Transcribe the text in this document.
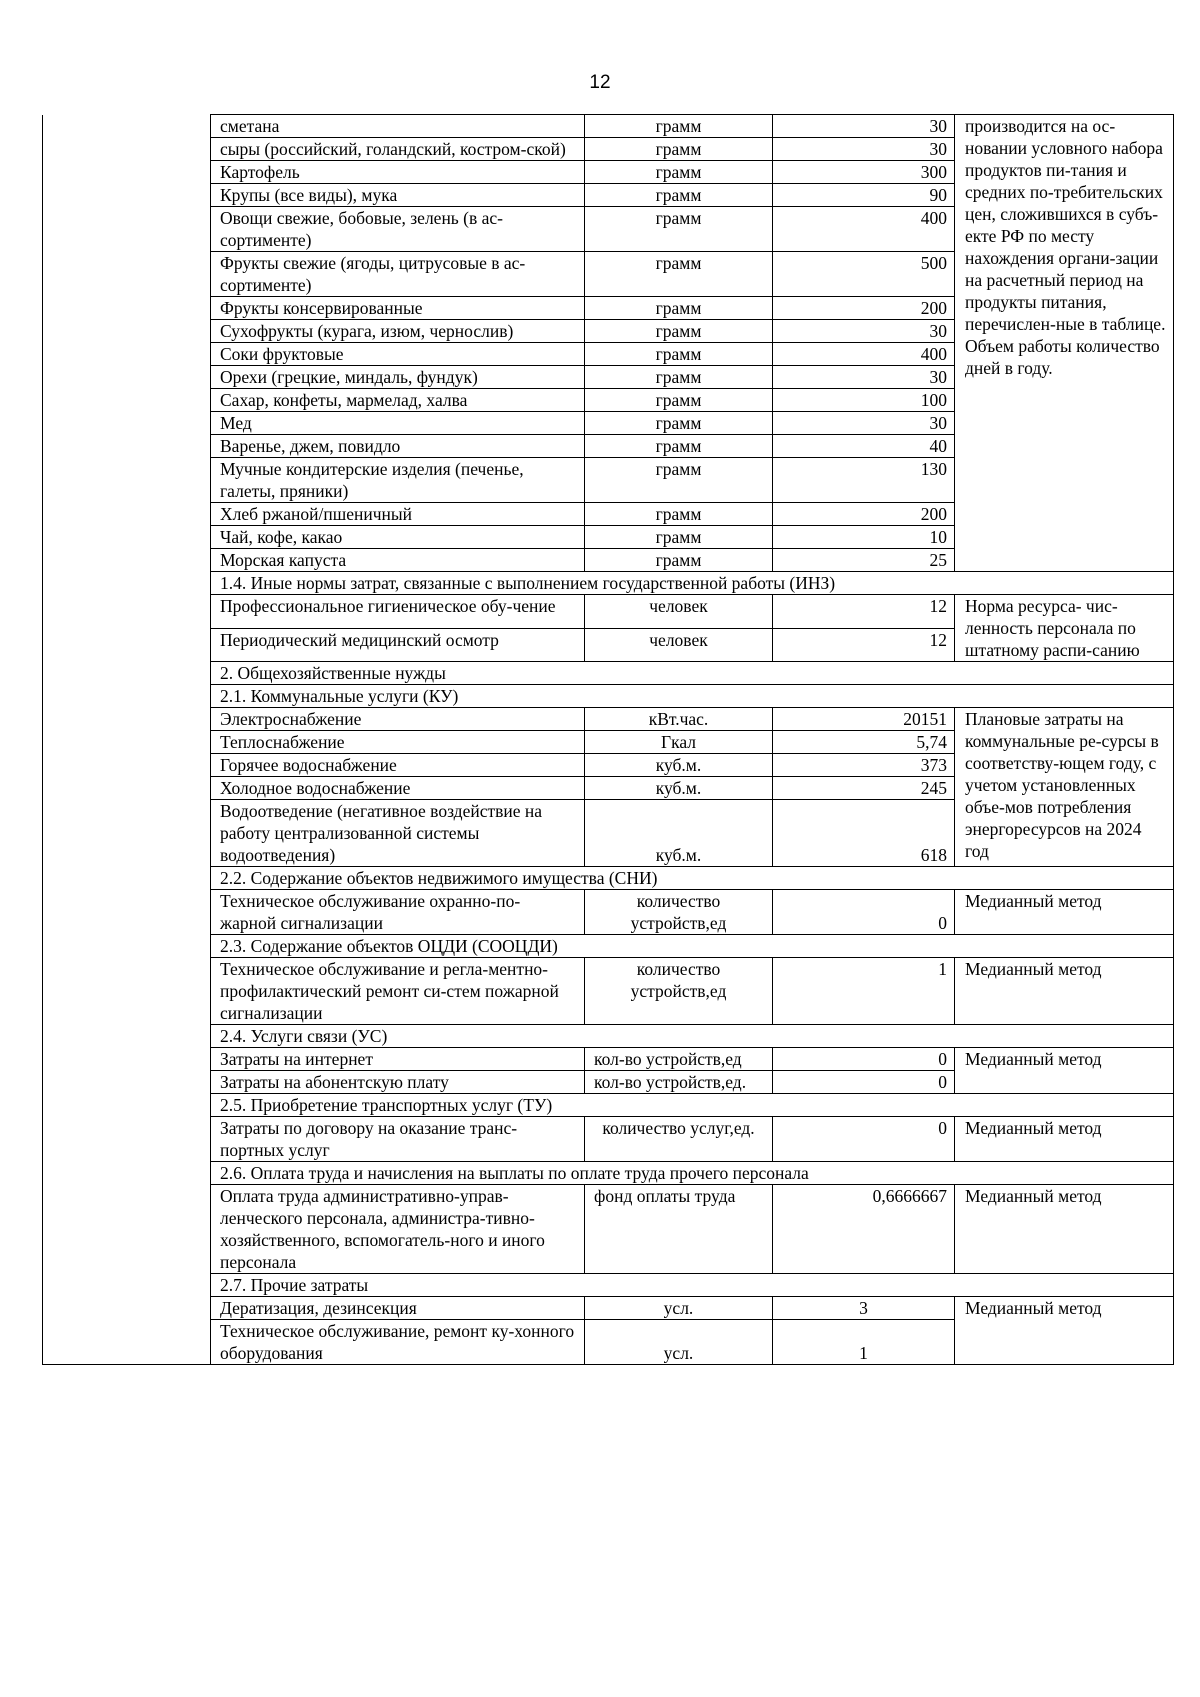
12
	сметана	грамм	30	производится на ос-новании условного набора продуктов пи-тания и средних по-требительских цен, сложившихся в субъ-екте РФ по месту нахождения органи-зации на расчетный период на продукты питания, перечислен-ные в таблице. Объем работы количество дней в году.
	сыры (российский, голандский, костром-ской)	грамм	30	
	Картофель	грамм	300	
	Крупы (все виды), мука	грамм	90	
	Овощи свежие, бобовые, зелень (в ас-сортименте)	грамм	400	
	Фрукты свежие (ягоды, цитрусовые в ас-сортименте)	грамм	500	
	Фрукты консервированные	грамм	200	
	Сухофрукты (курага, изюм, чернослив)	грамм	30	
	Соки фруктовые	грамм	400	
	Орехи (грецкие, миндаль, фундук)	грамм	30	
	Сахар, конфеты, мармелад, халва	грамм	100	
	Мед	грамм	30	
	Варенье, джем, повидло	грамм	40	
	Мучные кондитерские изделия (печенье, галеты, пряники)	грамм	130	
	Хлеб ржаной/пшеничный	грамм	200	
	Чай, кофе, какао	грамм	10	
	Морская капуста	грамм	25	
	1.4. Иные нормы затрат, связанные с выполнением государственной работы (ИНЗ)			
	Профессиональное гигиеническое обу-чение	человек	12	Норма ресурса- чис-ленность персонала по штатному распи-санию
	Периодический медицинский осмотр	человек	12	
	2. Общехозяйственные нужды			
	2.1. Коммунальные услуги (КУ)			
	Электроснабжение	кВт.час.	20151	Плановые затраты на коммунальные ре-сурсы в соответству-ющем году, с учетом установленных объе-мов потребления энергоресурсов на 2024 год
	Теплоснабжение	Гкал	5,74	
	Горячее водоснабжение	куб.м.	373	
	Холодное водоснабжение	куб.м.	245	
	Водоотведение (негативное воздействие на работу централизованной системы водоотведения)	куб.м.	618	
	2.2. Содержание объектов недвижимого имущества (СНИ)			
	Техническое обслуживание охранно-по-жарной сигнализации	количество устройств,ед	0	Медианный метод
	2.3. Содержание объектов ОЦДИ (СООЦДИ)			
	Техническое обслуживание и регла-ментно-профилактический ремонт си-стем пожарной сигнализации	количество устройств,ед	1	Медианный метод
	2.4. Услуги связи (УС)			
	Затраты на интернет	кол-во устройств,ед	0	Медианный метод
	Затраты на абонентскую плату	кол-во устройств,ед.	0	
	2.5. Приобретение транспортных услуг (ТУ)			
	Затраты по договору на оказание транс-портных услуг	количество услуг,ед.	0	Медианный метод
	2.6. Оплата труда и начисления на выплаты по оплате труда прочего персонала			
	Оплата труда административно-управ-ленческого персонала, администра-тивно-хозяйственного, вспомогатель-ного и иного персонала	фонд оплаты труда	0,6666667	Медианный метод
	2.7. Прочие затраты			
	Дератизация, дезинсекция	усл.	3	Медианный метод
	Техническое обслуживание, ремонт ку-хонного оборудования	усл.	1	
